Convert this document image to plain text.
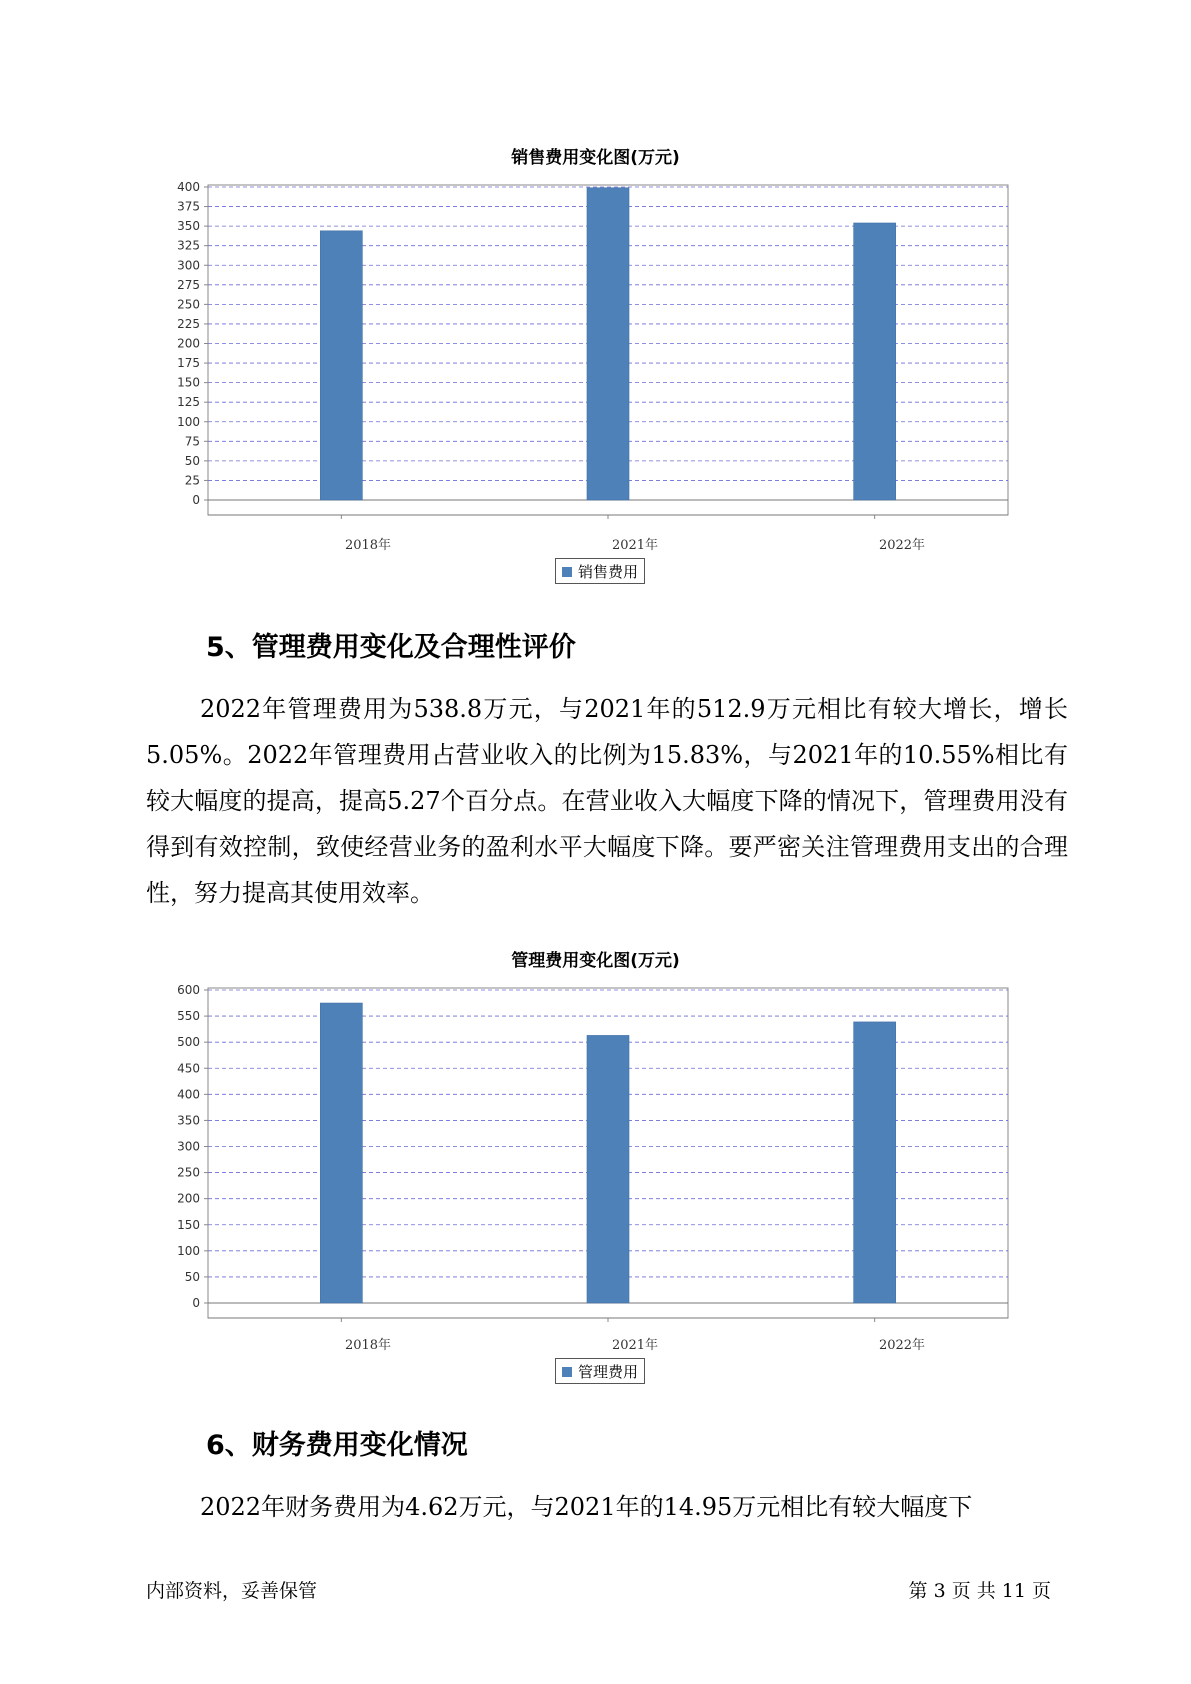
销售费用变化图(万元)
0
25
50
75
100
125
150
175
200
225
250
275
300
325
350
375
400
销售费用
5、管理费用变化及合理性评价
2022年管理费用为538.8万元，与2021年的512.9万元相比有较大增长，增长5.05%。2022年管理费用占营业收入的比例为15.83%，与2021年的10.55%相比有较大幅度的提高，提高5.27个百分点。在营业收入大幅度下降的情况下，管理费用没有得到有效控制，致使经营业务的盈利水平大幅度下降。要严密关注管理费用支出的合理性，努力提高其使用效率。
管理费用变化图(万元)
0
50
100
150
200
250
300
350
400
450
500
550
600
管理费用
6、财务费用变化情况
2022年财务费用为4.62万元，与2021年的14.95万元相比有较大幅度下
内部资料，妥善保管	第 3 页 共 11 页
2018年	2021年	2022年
2018年	2021年	2022年
